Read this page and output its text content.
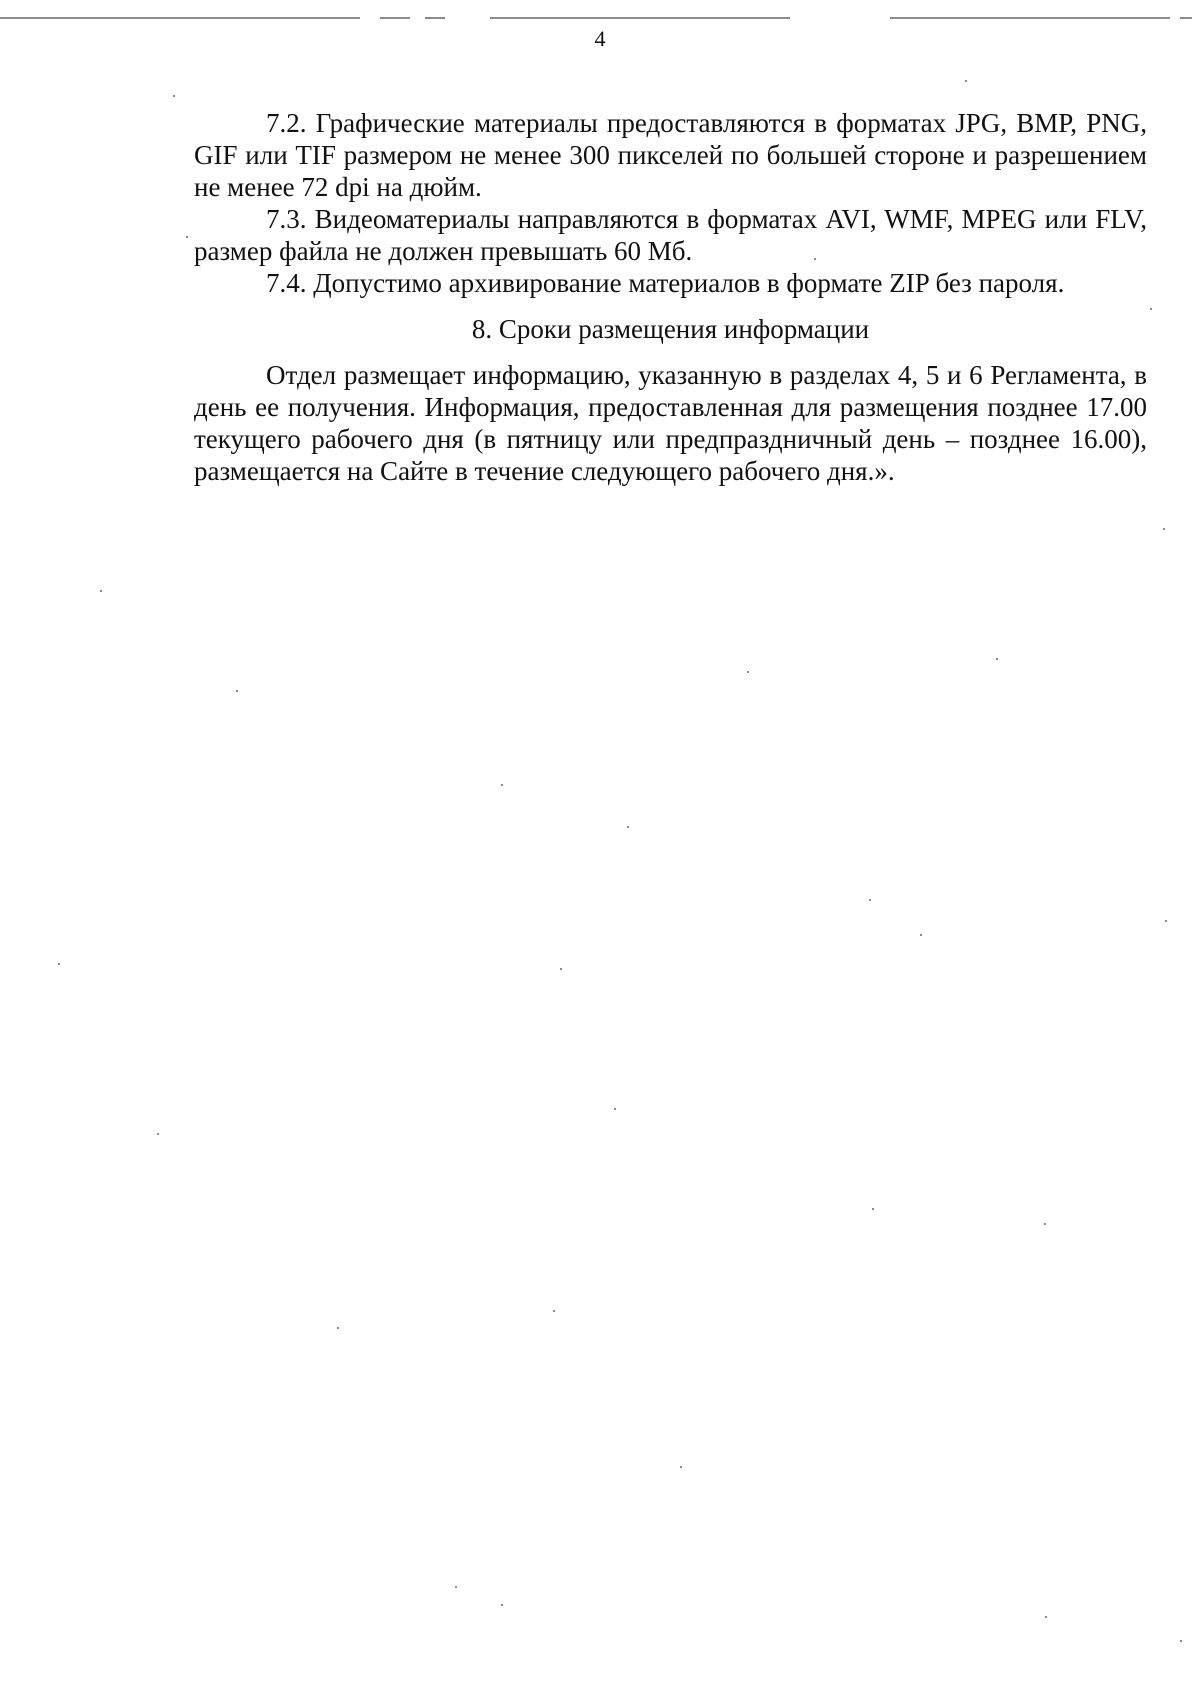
4

7.2. Графические материалы предоставляются в форматах JPG, BMP, PNG, GIF или TIF размером не менее 300 пикселей по большей стороне и разрешением не менее 72 dpi на дюйм.

7.3. Видеоматериалы направляются в форматах AVI, WMF, MPEG или FLV, размер файла не должен превышать 60 Мб.

7.4. Допустимо архивирование материалов в формате ZIP без пароля.

8. Сроки размещения информации

Отдел размещает информацию, указанную в разделах 4, 5 и 6 Регламента, в день ее получения. Информация, предоставленная для размещения позднее 17.00 текущего рабочего дня (в пятницу или предпраздничный день – позднее 16.00), размещается на Сайте в течение следующего рабочего дня.».
